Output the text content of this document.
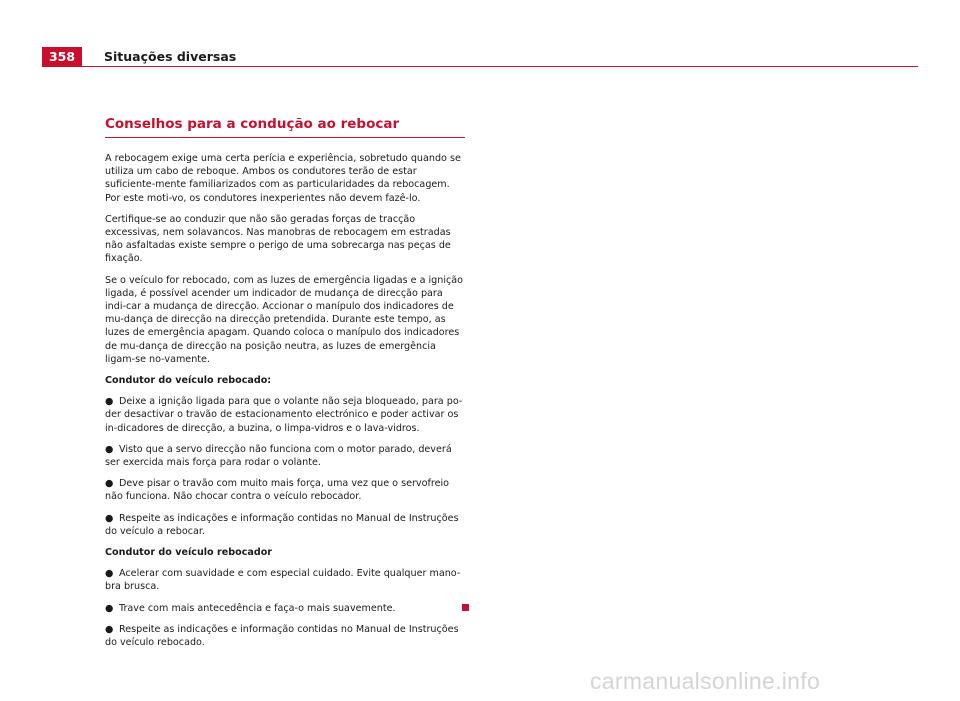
358	Situações diversas
Conselhos para a condução ao rebocar

A rebocagem exige uma certa perícia e experiência, sobretudo quando se utiliza um cabo de reboque. Ambos os condutores terão de estar suficiente-mente familiarizados com as particularidades da rebocagem. Por este moti-vo, os condutores inexperientes não devem fazê-lo.

Certifique-se ao conduzir que não são geradas forças de tracção excessivas, nem solavancos. Nas manobras de rebocagem em estradas não asfaltadas existe sempre o perigo de uma sobrecarga nas peças de fixação.

Se o veículo for rebocado, com as luzes de emergência ligadas e a ignição ligada, é possível acender um indicador de mudança de direcção para indi-car a mudança de direcção. Accionar o manípulo dos indicadores de mu-dança de direcção na direcção pretendida. Durante este tempo, as luzes de emergência apagam. Quando coloca o manípulo dos indicadores de mu-dança de direcção na posição neutra, as luzes de emergência ligam-se no-vamente.

Condutor do veículo rebocado:

● Deixe a ignição ligada para que o volante não seja bloqueado, para po-der desactivar o travão de estacionamento electrónico e poder activar os in-dicadores de direcção, a buzina, o limpa-vidros e o lava-vidros.

● Visto que a servo direcção não funciona com o motor parado, deverá ser exercida mais força para rodar o volante.

● Deve pisar o travão com muito mais força, uma vez que o servofreio não funciona. Não chocar contra o veículo rebocador.

● Respeite as indicações e informação contidas no Manual de Instruções do veículo a rebocar.

Condutor do veículo rebocador

● Acelerar com suavidade e com especial cuidado. Evite qualquer mano-bra brusca.

● Trave com mais antecedência e faça-o mais suavemente.

● Respeite as indicações e informação contidas no Manual de Instruções do veículo rebocado.

carmanualsonline.info
